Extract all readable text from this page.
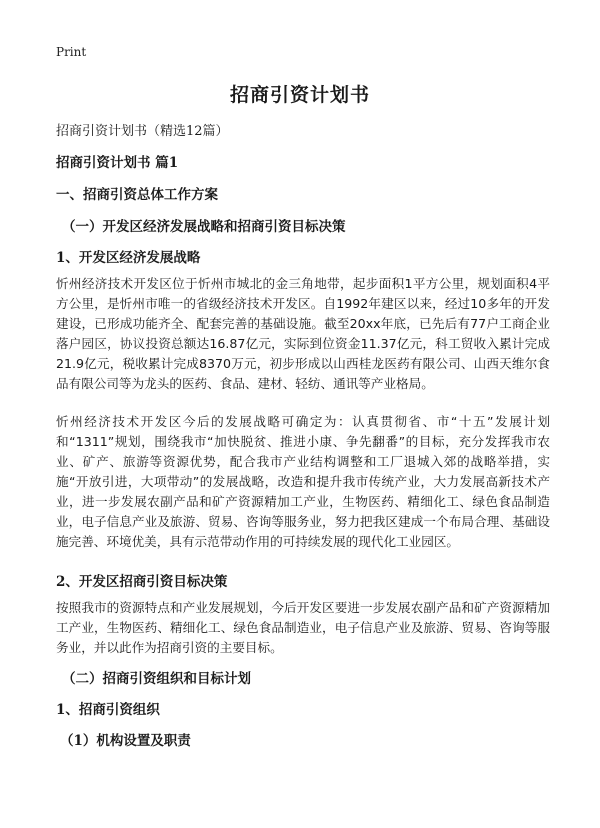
Print
招商引资计划书
招商引资计划书（精选12篇）
招商引资计划书 篇1
一、招商引资总体工作方案
（一）开发区经济发展战略和招商引资目标决策
1、开发区经济发展战略
忻州经济技术开发区位于忻州市城北的金三角地带，起步面积1平方公里，规划面积4平方公里，是忻州市唯一的省级经济技术开发区。自1992年建区以来，经过10多年的开发建设，已形成功能齐全、配套完善的基础设施。截至20xx年底，已先后有77户工商企业落户园区，协议投资总额达16.87亿元，实际到位资金11.37亿元，科工贸收入累计完成21.9亿元，税收累计完成8370万元，初步形成以山西桂龙医药有限公司、山西天维尔食品有限公司等为龙头的医药、食品、建材、轻纺、通讯等产业格局。
忻州经济技术开发区今后的发展战略可确定为：认真贯彻省、市“十五”发展计划和“1311”规划，围绕我市“加快脱贫、推进小康、争先翻番”的目标，充分发挥我市农业、矿产、旅游等资源优势，配合我市产业结构调整和工厂退城入郊的战略举措，实施“开放引进，大项带动”的发展战略，改造和提升我市传统产业，大力发展高新技术产业，进一步发展农副产品和矿产资源精加工产业，生物医药、精细化工、绿色食品制造业，电子信息产业及旅游、贸易、咨询等服务业，努力把我区建成一个布局合理、基础设施完善、环境优美，具有示范带动作用的可持续发展的现代化工业园区。
2、开发区招商引资目标决策
按照我市的资源特点和产业发展规划，今后开发区要进一步发展农副产品和矿产资源精加工产业，生物医药、精细化工、绿色食品制造业，电子信息产业及旅游、贸易、咨询等服务业，并以此作为招商引资的主要目标。
（二）招商引资组织和目标计划
1、招商引资组织
（1）机构设置及职责
